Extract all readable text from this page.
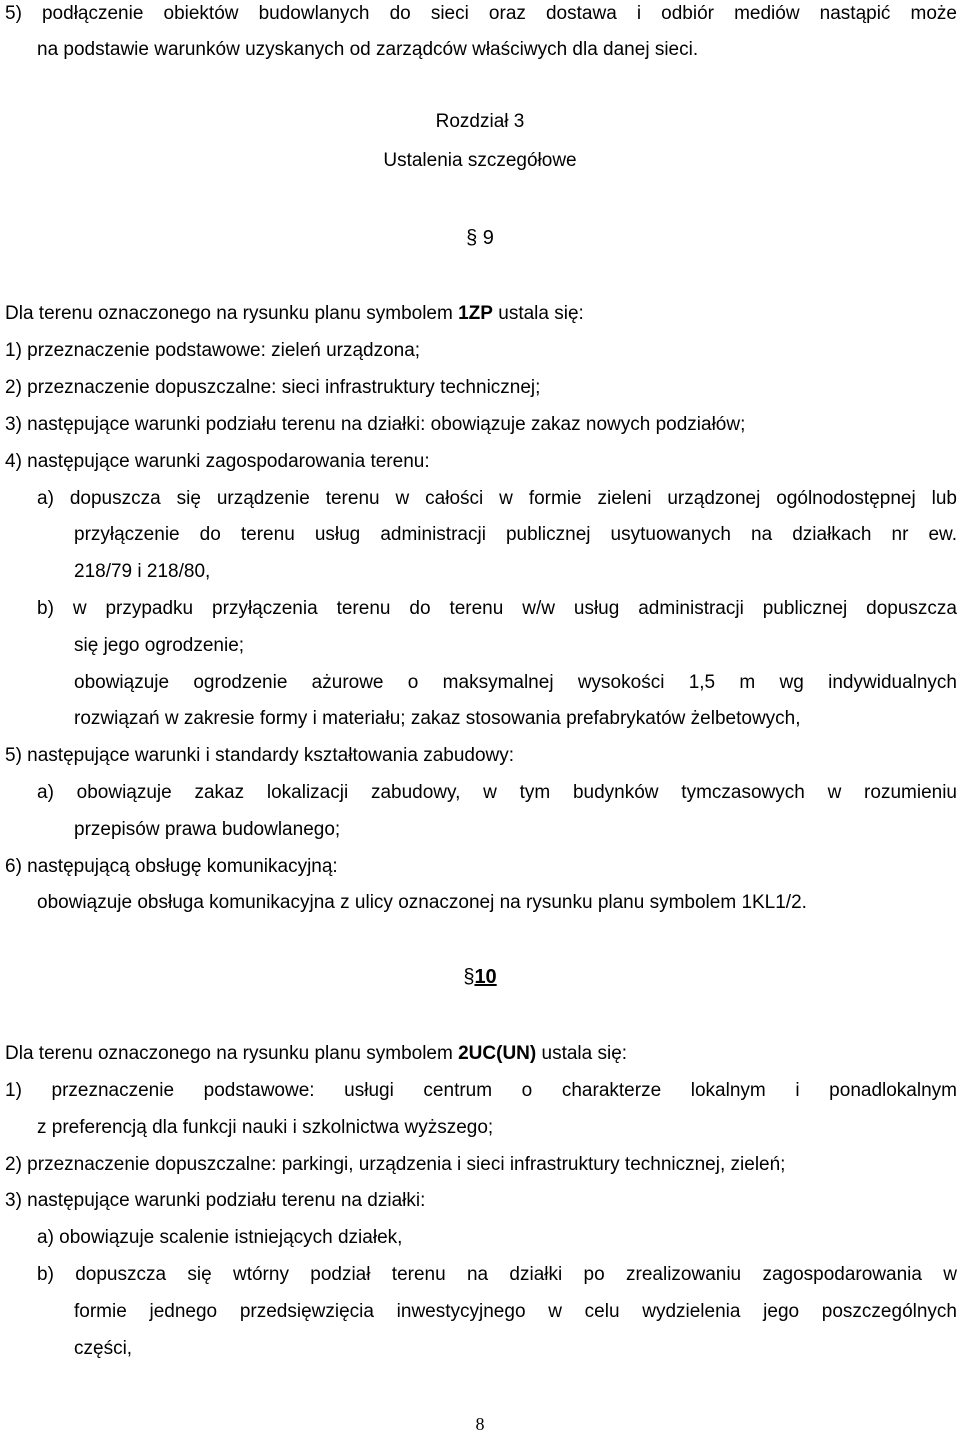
5) podłączenie obiektów budowlanych do sieci oraz dostawa i odbiór mediów nastąpić może
na podstawie warunków uzyskanych od zarządców właściwych dla danej sieci.
Rozdział 3
Ustalenia szczegółowe
§ 9
Dla terenu oznaczonego na rysunku planu symbolem 1ZP ustala się:
1) przeznaczenie podstawowe: zieleń urządzona;
2) przeznaczenie dopuszczalne: sieci infrastruktury technicznej;
3) następujące warunki podziału terenu na działki: obowiązuje zakaz nowych podziałów;
4) następujące warunki zagospodarowania terenu:
a) dopuszcza się urządzenie terenu w całości w formie zieleni urządzonej ogólnodostępnej lub
przyłączenie do terenu usług administracji publicznej usytuowanych na działkach nr ew.
218/79 i 218/80,
b) w przypadku przyłączenia terenu do terenu w/w usług administracji publicznej dopuszcza
się jego ogrodzenie;
obowiązuje ogrodzenie ażurowe o maksymalnej wysokości 1,5 m wg indywidualnych
rozwiązań w zakresie formy i materiału; zakaz stosowania prefabrykatów żelbetowych,
5) następujące warunki i standardy kształtowania zabudowy:
a) obowiązuje zakaz lokalizacji zabudowy, w tym budynków tymczasowych w rozumieniu
przepisów prawa budowlanego;
6) następującą obsługę komunikacyjną:
obowiązuje obsługa komunikacyjna z ulicy oznaczonej na rysunku planu symbolem 1KL1/2.
§10
Dla terenu oznaczonego na rysunku planu symbolem 2UC(UN) ustala się:
1) przeznaczenie podstawowe: usługi centrum o charakterze lokalnym i ponadlokalnym
z preferencją dla funkcji nauki i szkolnictwa wyższego;
2) przeznaczenie dopuszczalne: parkingi, urządzenia i sieci infrastruktury technicznej, zieleń;
3) następujące warunki podziału terenu na działki:
a) obowiązuje scalenie istniejących działek,
b) dopuszcza się wtórny podział terenu na działki po zrealizowaniu zagospodarowania w
formie jednego przedsięwzięcia inwestycyjnego w celu wydzielenia jego poszczególnych
części,
8
